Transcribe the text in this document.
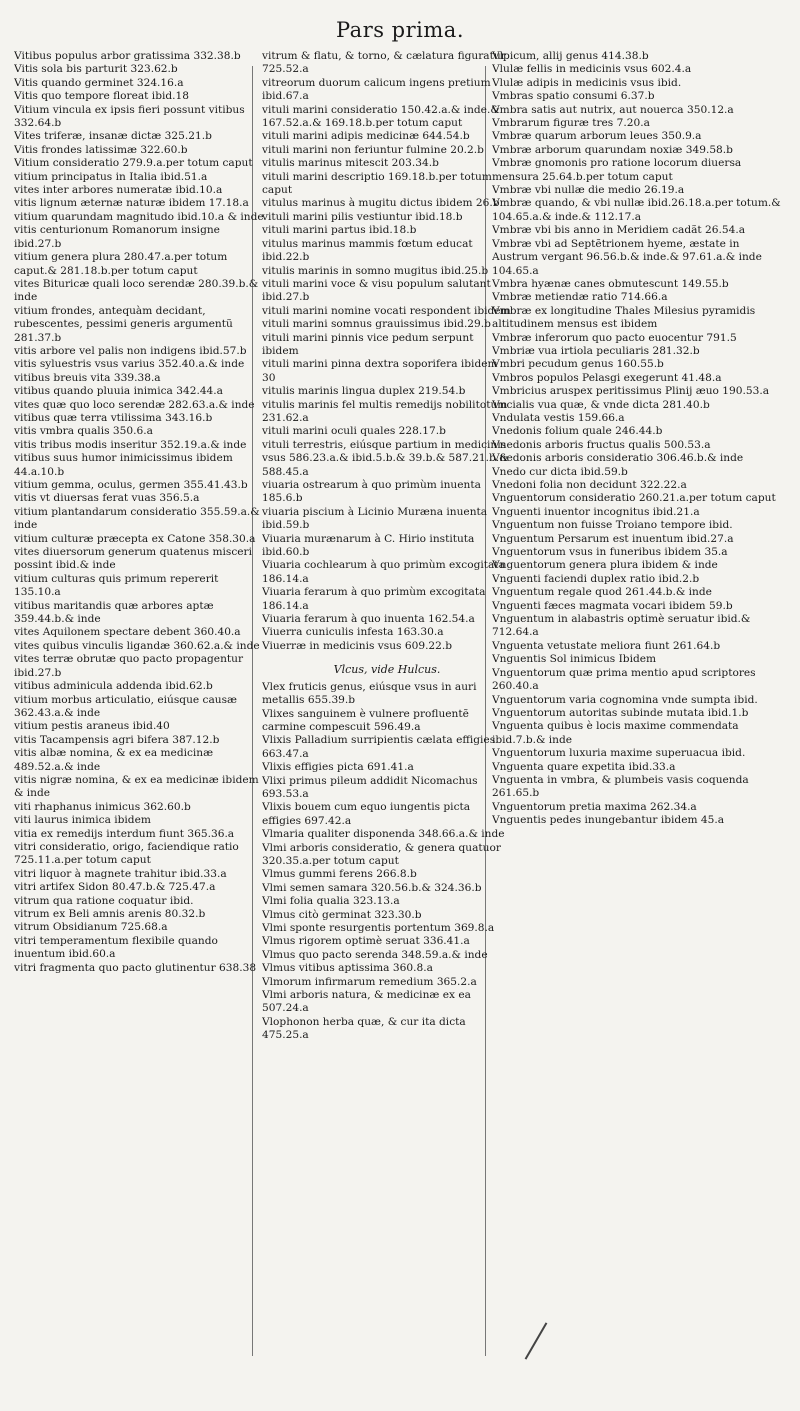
Pars prima.

Vitibus populus arbor gratissima 332.38.b

Vitis sola bis parturit 323.62.b

Vitis quando germinet 324.16.a

Vitis quo tempore floreat ibid.18

Vitium vincula ex ipsis fieri possunt vitibus 332.64.b

Vites triferæ, insanæ dictæ 325.21.b

Vitis frondes latissimæ 322.60.b

Vitium consideratio 279.9.a.per totum caput

vitium principatus in Italia ibid.51.a

vites inter arbores numeratæ ibid.10.a

vitis lignum æternæ naturæ ibidem 17.18.a

vitium quarundam magnitudo ibid.10.a & inde

vitis centurionum Romanorum insigne ibid.27.b

vitium genera plura 280.47.a.per totum caput.& 281.18.b.per totum caput

vites Bituricæ quali loco serendæ 280.39.b.& inde

vitium frondes, antequàm decidant, rubescentes, pessimi generis argumentũ 281.37.b

vitis arbore vel palis non indigens ibid.57.b

vitis syluestris vsus varius 352.40.a.& inde

vitibus breuis vita 339.38.a

vitibus quando pluuia inimica 342.44.a

vites quæ quo loco serendæ 282.63.a.& inde

vitibus quæ terra vtilissima 343.16.b

vitis vmbra qualis 350.6.a

vitis tribus modis inseritur 352.19.a.& inde

vitibus suus humor inimicissimus ibidem 44.a.10.b

vitium gemma, oculus, germen 355.41.43.b

vitis vt diuersas ferat vuas 356.5.a

vitium plantandarum consideratio 355.59.a.& inde

vitium culturæ præcepta ex Catone 358.30.a

vites diuersorum generum quatenus misceri possint ibid.& inde

vitium culturas quis primum repererit 135.10.a

vitibus maritandis quæ arbores aptæ 359.44.b.& inde

vites Aquilonem spectare debent 360.40.a

vites quibus vinculis ligandæ 360.62.a.& inde

vites terræ obrutæ quo pacto propagentur ibid.27.b

vitibus adminicula addenda ibid.62.b

vitium morbus articulatio, eiúsque causæ 362.43.a.& inde

vitium pestis araneus ibid.40

vitis Tacampensis agri bifera 387.12.b

vitis albæ nomina, & ex ea medicinæ 489.52.a.& inde

vitis nigræ nomina, & ex ea medicinæ ibidem & inde

viti rhaphanus inimicus 362.60.b

viti laurus inimica ibidem

vitia ex remedijs interdum fiunt 365.36.a

vitri consideratio, origo, faciendique ratio 725.11.a.per totum caput

vitri liquor à magnete trahitur ibid.33.a

vitri artifex Sidon 80.47.b.& 725.47.a

vitrum qua ratione coquatur ibid.

vitrum ex Beli amnis arenis 80.32.b

vitrum Obsidianum 725.68.a

vitri temperamentum flexibile quando inuentum ibid.60.a

vitri fragmenta quo pacto glutinentur 638.38

vitrum & flatu, & torno, & cælatura figuratur 725.52.a

vitreorum duorum calicum ingens pretium ibid.67.a

vituli marini consideratio 150.42.a.& inde.& 167.52.a.& 169.18.b.per totum caput

vituli marini adipis medicinæ 644.54.b

vituli marini non feriuntur fulmine 20.2.b

vitulis marinus mitescit 203.34.b

vituli marini descriptio 169.18.b.per totum caput

vitulus marinus à mugitu dictus ibidem 26.b

vituli marini pilis vestiuntur ibid.18.b

vituli marini partus ibid.18.b

vitulus marinus mammis fœtum educat ibid.22.b

vitulis marinis in somno mugitus ibid.25.b

vituli marini voce & visu populum salutant ibid.27.b

vituli marini nomine vocati respondent ibidem

vituli marini somnus grauissimus ibid.29.b

vituli marini pinnis vice pedum serpunt ibidem

vituli marini pinna dextra soporifera ibidem 30

vitulis marinis lingua duplex 219.54.b

vitulis marinis fel multis remedijs nobilitotum 231.62.a

vituli marini oculi quales 228.17.b

vituli terrestris, eiúsque partium in medicinis vsus 586.23.a.& ibid.5.b.& 39.b.& 587.21.b.& 588.45.a

viuaria ostrearum à quo primùm inuenta 185.6.b

viuaria piscium à Licinio Muræna inuenta ibid.59.b

Viuaria murænarum à C. Hirio instituta ibid.60.b

Viuaria cochlearum à quo primùm excogitata 186.14.a

Viuaria ferarum à quo primùm excogitata 186.14.a

Viuaria ferarum à quo inuenta 162.54.a

Viuerra cuniculis infesta 163.30.a

Viuerræ in medicinis vsus 609.22.b

Vlcus, vide Hulcus.

Vlex fruticis genus, eiúsque vsus in auri metallis 655.39.b

Vlixes sanguinem è vulnere profluentẽ carmine compescuit 596.49.a

Vlixis Palladium surripientis cælata effigies 663.47.a

Vlixis effigies picta 691.41.a

Vlixi primus pileum addidit Nicomachus 693.53.a

Vlixis bouem cum equo iungentis picta effigies 697.42.a

Vlmaria qualiter disponenda 348.66.a.& inde

Vlmi arboris consideratio, & genera quatuor 320.35.a.per totum caput

Vlmus gummi ferens 266.8.b

Vlmi semen samara 320.56.b.& 324.36.b

Vlmi folia qualia 323.13.a

Vlmus citò germinat 323.30.b

Vlmi sponte resurgentis portentum 369.8.a

Vlmus rigorem optimè seruat 336.41.a

Vlmus quo pacto serenda 348.59.a.& inde

Vlmus vitibus aptissima 360.8.a

Vlmorum infirmarum remedium 365.2.a

Vlmi arboris natura, & medicinæ ex ea 507.24.a

Vlophonon herba quæ, & cur ita dicta 475.25.a

Vlpicum, allij genus 414.38.b

Vlulæ fellis in medicinis vsus 602.4.a

Vlulæ adipis in medicinis vsus ibid.

Vmbras spatio consumi 6.37.b

Vmbra satis aut nutrix, aut nouerca 350.12.a

Vmbrarum figuræ tres 7.20.a

Vmbræ quarum arborum leues 350.9.a

Vmbræ arborum quarundam noxiæ 349.58.b

Vmbræ gnomonis pro ratione locorum diuersa mensura 25.64.b.per totum caput

Vmbræ vbi nullæ die medio 26.19.a

Vmbræ quando, & vbi nullæ ibid.26.18.a.per totum.& 104.65.a.& inde.& 112.17.a

Vmbræ vbi bis anno in Meridiem cadãt 26.54.a

Vmbræ vbi ad Septẽtrionem hyeme, æstate in Austrum vergant 96.56.b.& inde.& 97.61.a.& inde 104.65.a

Vmbra hyænæ canes obmutescunt 149.55.b

Vmbræ metiendæ ratio 714.66.a

Vmbræ ex longitudine Thales Milesius pyramidis altitudinem mensus est ibidem

Vmbræ inferorum quo pacto euocentur 791.5

Vmbriæ vua irtiola peculiaris 281.32.b

Vmbri pecudum genus 160.55.b

Vmbros populos Pelasgi exegerunt 41.48.a

Vmbricius aruspex peritissimus Plinij æuo 190.53.a

Vncialis vua quæ, & vnde dicta 281.40.b

Vndulata vestis 159.66.a

Vnedonis folium quale 246.44.b

Vnedonis arboris fructus qualis 500.53.a

Vnedonis arboris consideratio 306.46.b.& inde

Vnedo cur dicta ibid.59.b

Vnedoni folia non decidunt 322.22.a

Vnguentorum consideratio 260.21.a.per totum caput

Vnguenti inuentor incognitus ibid.21.a

Vnguentum non fuisse Troiano tempore ibid.

Vnguentum Persarum est inuentum ibid.27.a

Vnguentorum vsus in funeribus ibidem 35.a

Vnguentorum genera plura ibidem & inde

Vnguenti faciendi duplex ratio ibid.2.b

Vnguentum regale quod 261.44.b.& inde

Vnguenti fæces magmata vocari ibidem 59.b

Vnguentum in alabastris optimè seruatur ibid.& 712.64.a

Vnguenta vetustate meliora fiunt 261.64.b

Vnguentis Sol inimicus Ibidem

Vnguentorum quæ prima mentio apud scriptores 260.40.a

Vnguentorum varia cognomina vnde sumpta ibid.

Vnguentorum autoritas subinde mutata ibid.1.b

Vnguenta quibus è locis maxime commendata ibid.7.b.& inde

Vnguentorum luxuria maxime superuacua ibid.

Vnguenta quare expetita ibid.33.a

Vnguenta in vmbra, & plumbeis vasis coquenda 261.65.b

Vnguentorum pretia maxima 262.34.a

Vnguentis pedes inungebantur ibidem 45.a
